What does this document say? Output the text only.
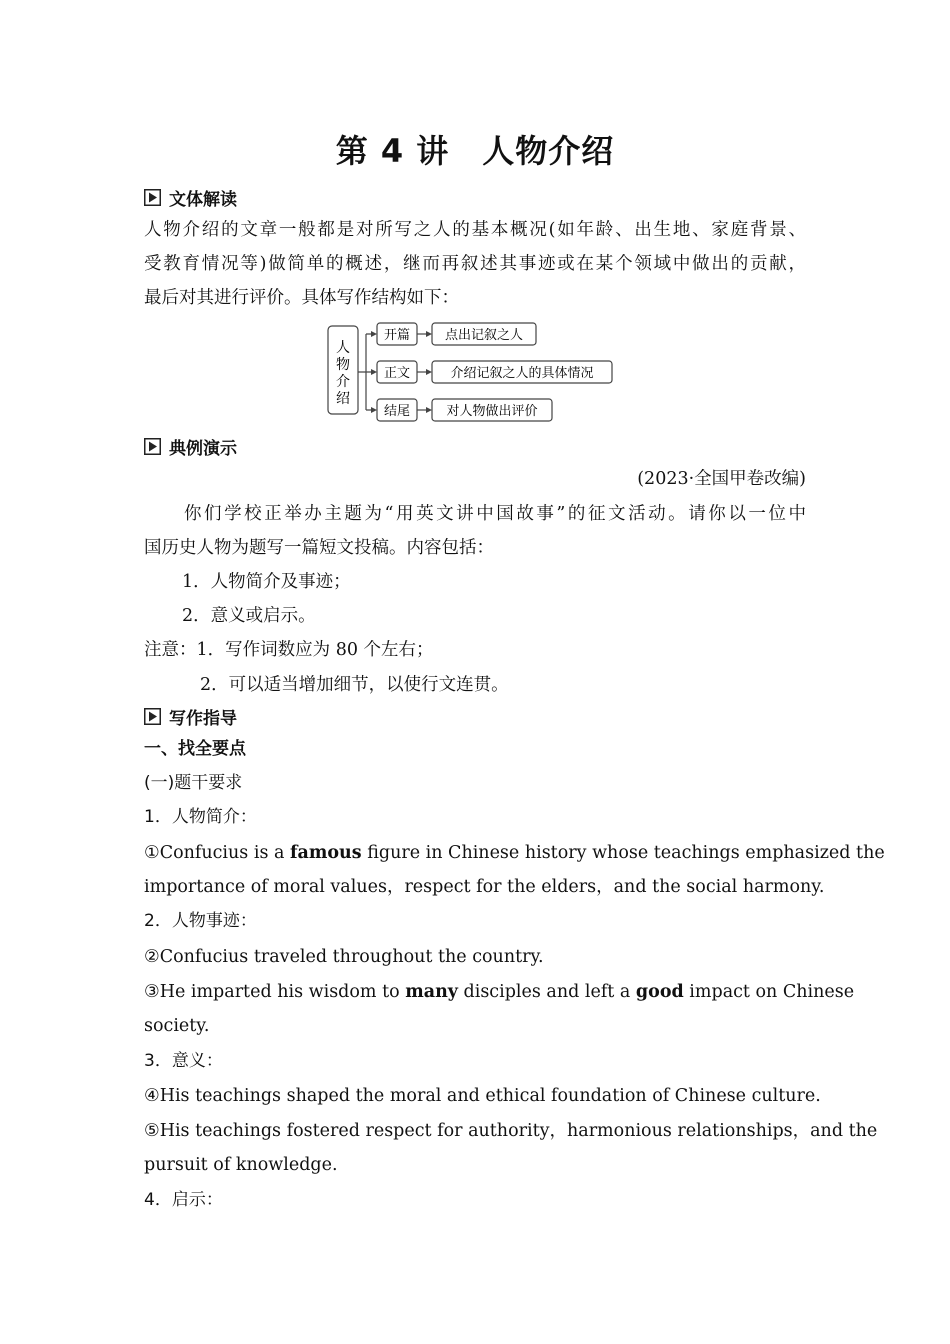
第 4 讲　人物介绍
文体解读
人物介绍的文章一般都是对所写之人的基本概况(如年龄、出生地、家庭背景、
受教育情况等)做简单的概述，继而再叙述其事迹或在某个领域中做出的贡献，
最后对其进行评价。具体写作结构如下：
人
物
介
绍
开篇	点出记叙之人
正文	介绍记叙之人的具体情况
结尾	对人物做出评价
典例演示
(2023·全国甲卷改编)
你们学校正举办主题为“用英文讲中国故事”的征文活动。请你以一位中
国历史人物为题写一篇短文投稿。内容包括：
1．人物简介及事迹；
2．意义或启示。
注意：1．写作词数应为 80 个左右；
2．可以适当增加细节，以使行文连贯。
写作指导
一、找全要点
(一)题干要求
1．人物简介：
①Confucius is a famous figure in Chinese history whose teachings emphasized the
importance of moral values，respect for the elders，and the social harmony.
2．人物事迹：
②Confucius traveled throughout the country.
③He imparted his wisdom to many disciples and left a good impact on Chinese
society.
3．意义：
④His teachings shaped the moral and ethical foundation of Chinese culture.
⑤His teachings fostered respect for authority，harmonious relationships，and the
pursuit of knowledge.
4．启示：
